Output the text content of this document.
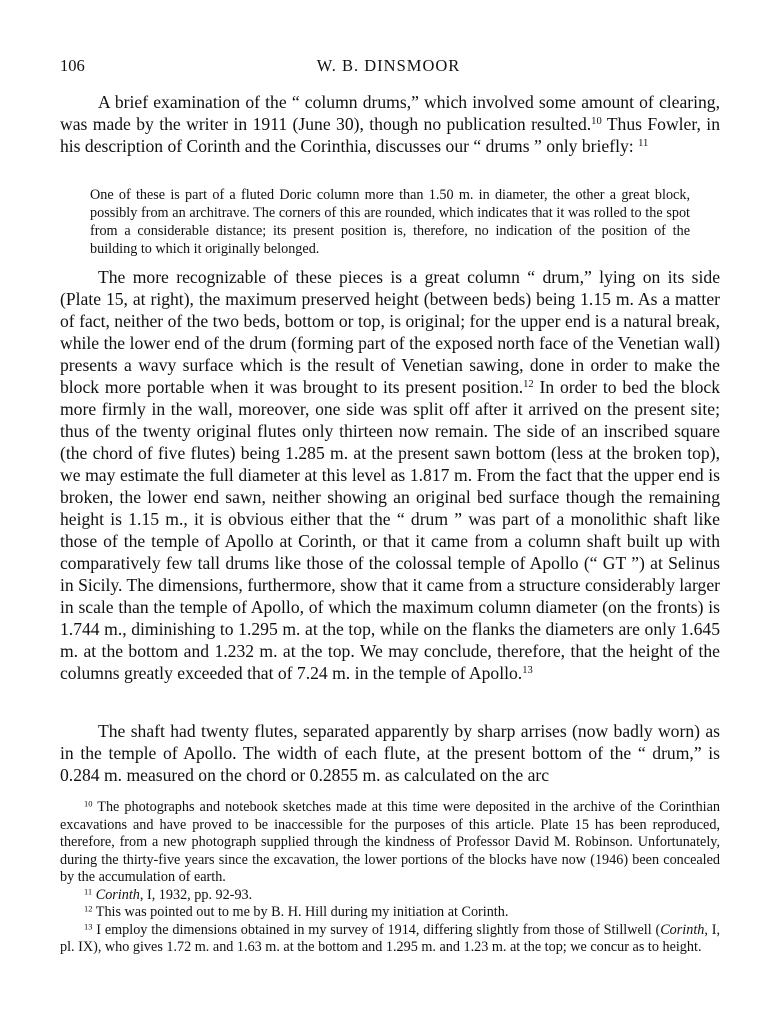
106	W. B. DINSMOOR

A brief examination of the “ column drums,” which involved some amount of clearing, was made by the writer in 1911 (June 30), though no publication resulted.$^{10}$ Thus Fowler, in his description of Corinth and the Corinthia, discusses our “ drums ” only briefly: $^{11}$

One of these is part of a fluted Doric column more than 1.50 m. in diameter, the other a great block, possibly from an architrave. The corners of this are rounded, which indicates that it was rolled to the spot from a considerable distance; its present position is, therefore, no indication of the position of the building to which it originally belonged.

The more recognizable of these pieces is a great column “ drum,” lying on its side (Plate 15, at right), the maximum preserved height (between beds) being 1.15 m. As a matter of fact, neither of the two beds, bottom or top, is original; for the upper end is a natural break, while the lower end of the drum (forming part of the exposed north face of the Venetian wall) presents a wavy surface which is the result of Venetian sawing, done in order to make the block more portable when it was brought to its present position.$^{12}$ In order to bed the block more firmly in the wall, moreover, one side was split off after it arrived on the present site; thus of the twenty original flutes only thirteen now remain. The side of an inscribed square (the chord of five flutes) being 1.285 m. at the present sawn bottom (less at the broken top), we may estimate the full diameter at this level as 1.817 m. From the fact that the upper end is broken, the lower end sawn, neither showing an original bed surface though the remaining height is 1.15 m., it is obvious either that the “ drum ” was part of a monolithic shaft like those of the temple of Apollo at Corinth, or that it came from a column shaft built up with comparatively few tall drums like those of the colossal temple of Apollo (“ GT ”) at Selinus in Sicily. The dimensions, furthermore, show that it came from a structure considerably larger in scale than the temple of Apollo, of which the maximum column diameter (on the fronts) is 1.744 m., diminishing to 1.295 m. at the top, while on the flanks the diameters are only 1.645 m. at the bottom and 1.232 m. at the top. We may conclude, therefore, that the height of the columns greatly exceeded that of 7.24 m. in the temple of Apollo.$^{13}$

The shaft had twenty flutes, separated apparently by sharp arrises (now badly worn) as in the temple of Apollo. The width of each flute, at the present bottom of the “ drum,” is 0.284 m. measured on the chord or 0.2855 m. as calculated on the arc

$^{10}$ The photographs and notebook sketches made at this time were deposited in the archive of the Corinthian excavations and have proved to be inaccessible for the purposes of this article. Plate 15 has been reproduced, therefore, from a new photograph supplied through the kindness of Professor David M. Robinson. Unfortunately, during the thirty-five years since the excavation, the lower portions of the blocks have now (1946) been concealed by the accumulation of earth.

$^{11}$ Corinth, I, 1932, pp. 92-93.

$^{12}$ This was pointed out to me by B. H. Hill during my initiation at Corinth.

$^{13}$ I employ the dimensions obtained in my survey of 1914, differing slightly from those of Stillwell (Corinth, I, pl. IX), who gives 1.72 m. and 1.63 m. at the bottom and 1.295 m. and 1.23 m. at the top; we concur as to height.
